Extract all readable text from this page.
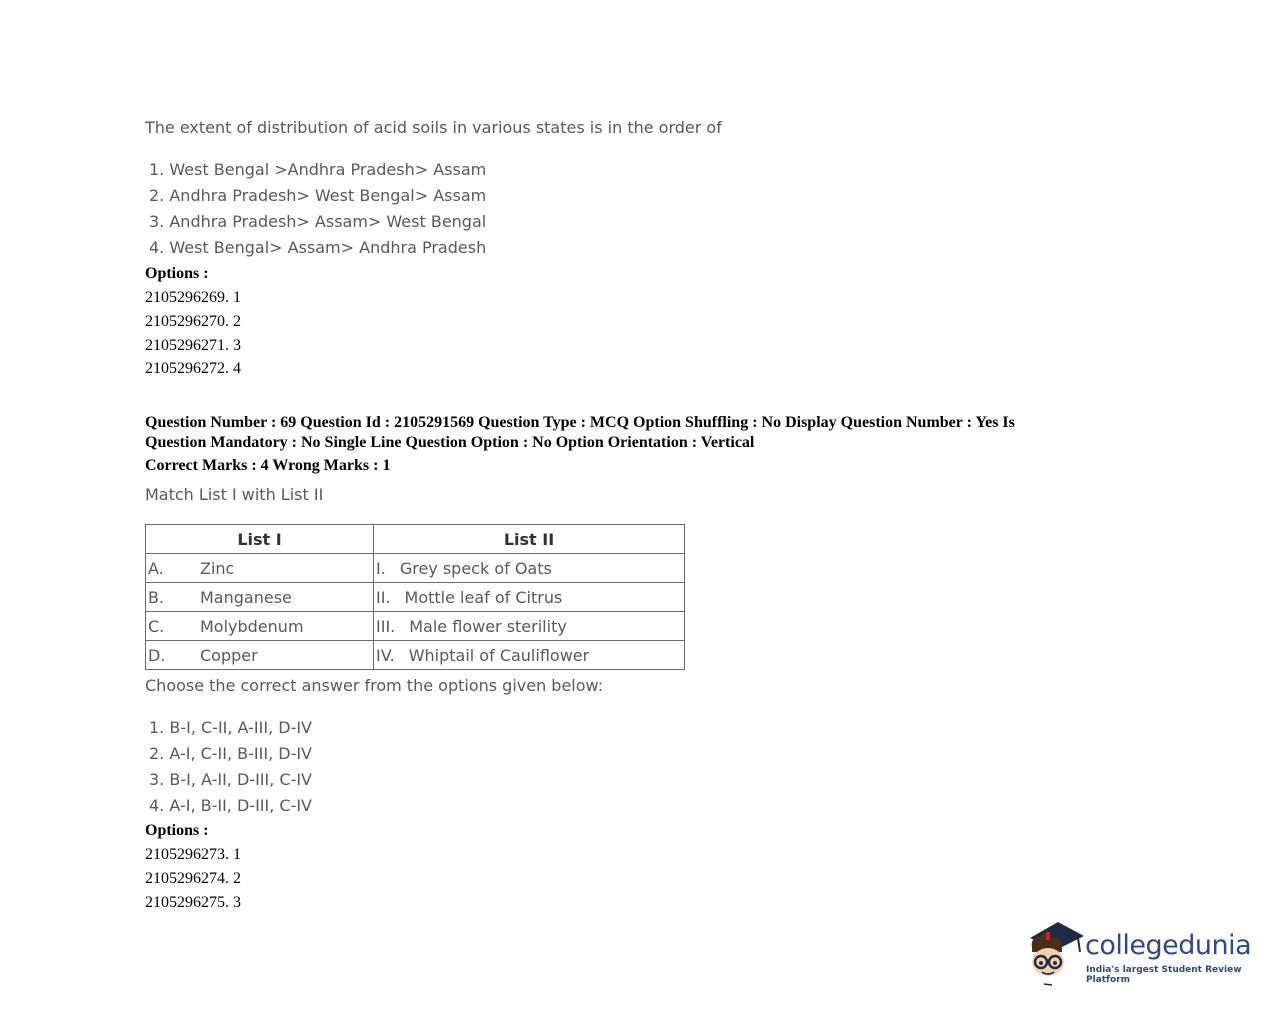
The extent of distribution of acid soils in various states is in the order of
1. West Bengal >Andhra Pradesh> Assam
2. Andhra Pradesh> West Bengal> Assam
3. Andhra Pradesh> Assam> West Bengal
4. West Bengal> Assam> Andhra Pradesh
Options :
2105296269. 1
2105296270. 2
2105296271. 3
2105296272. 4
Question Number : 69 Question Id : 2105291569 Question Type : MCQ Option Shuffling : No Display Question Number : Yes Is
Question Mandatory : No Single Line Question Option : No Option Orientation : Vertical
Correct Marks : 4 Wrong Marks : 1
Match List I with List II
List I	List II

A. Zinc	I. Grey speck of Oats

B. Manganese	II. Mottle leaf of Citrus

C. Molybdenum	III. Male flower sterility

D. Copper	IV. Whiptail of Cauliflower
Choose the correct answer from the options given below:
1. B-I, C-II, A-III, D-IV
2. A-I, C-II, B-III, D-IV
3. B-I, A-II, D-III, C-IV
4. A-I, B-II, D-III, C-IV
Options :
2105296273. 1
2105296274. 2
2105296275. 3
collegedunia
India's largest Student Review Platform
